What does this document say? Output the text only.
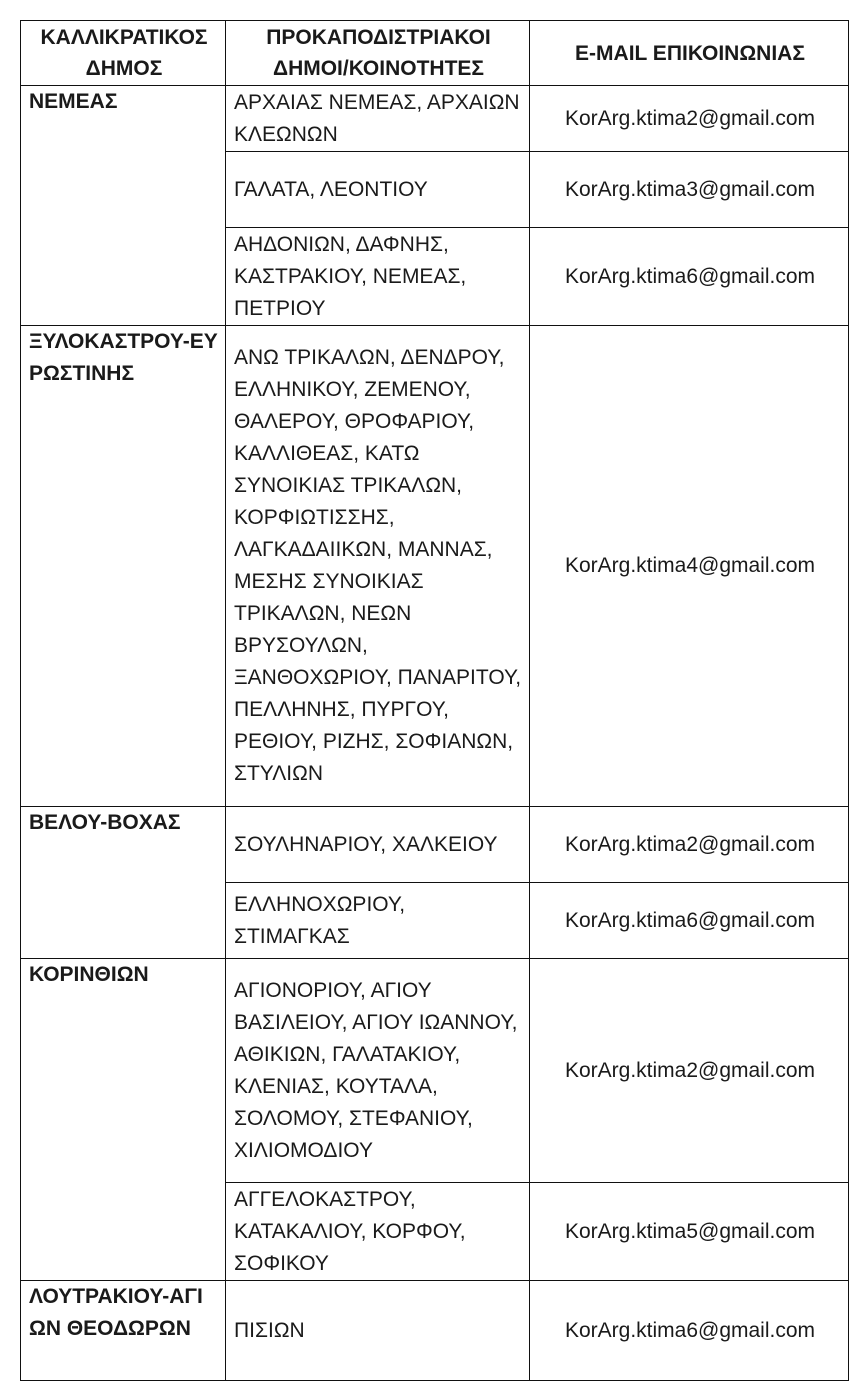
ΚΑΛΛΙΚΡΑΤΙΚΟΣ ΔΗΜΟΣ	ΠΡΟΚΑΠΟΔΙΣΤΡΙΑΚΟΙ ΔΗΜΟΙ/ΚΟΙΝΟΤΗΤΕΣ	E-MAIL ΕΠΙΚΟΙΝΩΝΙΑΣ
ΝΕΜΕΑΣ	ΑΡΧΑΙΑΣ ΝΕΜΕΑΣ, ΑΡΧΑΙΩΝ ΚΛΕΩΝΩΝ	KorArg.ktima2@gmail.com
	ΓΑΛΑΤΑ, ΛΕΟΝΤΙΟΥ	KorArg.ktima3@gmail.com
	ΑΗΔΟΝΙΩΝ, ΔΑΦΝΗΣ, ΚΑΣΤΡΑΚΙΟΥ, ΝΕΜΕΑΣ, ΠΕΤΡΙΟΥ	KorArg.ktima6@gmail.com
ΞΥΛΟΚΑΣΤΡΟΥ-ΕΥΡΩΣΤΙΝΗΣ	ΑΝΩ ΤΡΙΚΑΛΩΝ, ΔΕΝΔΡΟΥ, ΕΛΛΗΝΙΚΟΥ, ΖΕΜΕΝΟΥ, ΘΑΛΕΡΟΥ, ΘΡΟΦΑΡΙΟΥ, ΚΑΛΛΙΘΕΑΣ, ΚΑΤΩ ΣΥΝΟΙΚΙΑΣ ΤΡΙΚΑΛΩΝ, ΚΟΡΦΙΩΤΙΣΣΗΣ, ΛΑΓΚΑΔΑΙΙΚΩΝ, ΜΑΝΝΑΣ, ΜΕΣΗΣ ΣΥΝΟΙΚΙΑΣ ΤΡΙΚΑΛΩΝ, ΝΕΩΝ ΒΡΥΣΟΥΛΩΝ, ΞΑΝΘΟΧΩΡΙΟΥ, ΠΑΝΑΡΙΤΟΥ, ΠΕΛΛΗΝΗΣ, ΠΥΡΓΟΥ, ΡΕΘΙΟΥ, ΡΙΖΗΣ, ΣΟΦΙΑΝΩΝ, ΣΤΥΛΙΩΝ	KorArg.ktima4@gmail.com
ΒΕΛΟΥ-ΒΟΧΑΣ	ΣΟΥΛΗΝΑΡΙΟΥ, ΧΑΛΚΕΙΟΥ	KorArg.ktima2@gmail.com
	ΕΛΛΗΝΟΧΩΡΙΟΥ, ΣΤΙΜΑΓΚΑΣ	KorArg.ktima6@gmail.com
ΚΟΡΙΝΘΙΩΝ	ΑΓΙΟΝΟΡΙΟΥ, ΑΓΙΟΥ ΒΑΣΙΛΕΙΟΥ, ΑΓΙΟΥ ΙΩΑΝΝΟΥ, ΑΘΙΚΙΩΝ, ΓΑΛΑΤΑΚΙΟΥ, ΚΛΕΝΙΑΣ, ΚΟΥΤΑΛΑ, ΣΟΛΟΜΟΥ, ΣΤΕΦΑΝΙΟΥ, ΧΙΛΙΟΜΟΔΙΟΥ	KorArg.ktima2@gmail.com
	ΑΓΓΕΛΟΚΑΣΤΡΟΥ, ΚΑΤΑΚΑΛΙΟΥ, ΚΟΡΦΟΥ, ΣΟΦΙΚΟΥ	KorArg.ktima5@gmail.com
ΛΟΥΤΡΑΚΙΟΥ-ΑΓΙΩΝ ΘΕΟΔΩΡΩΝ	ΠΙΣΙΩΝ	KorArg.ktima6@gmail.com
